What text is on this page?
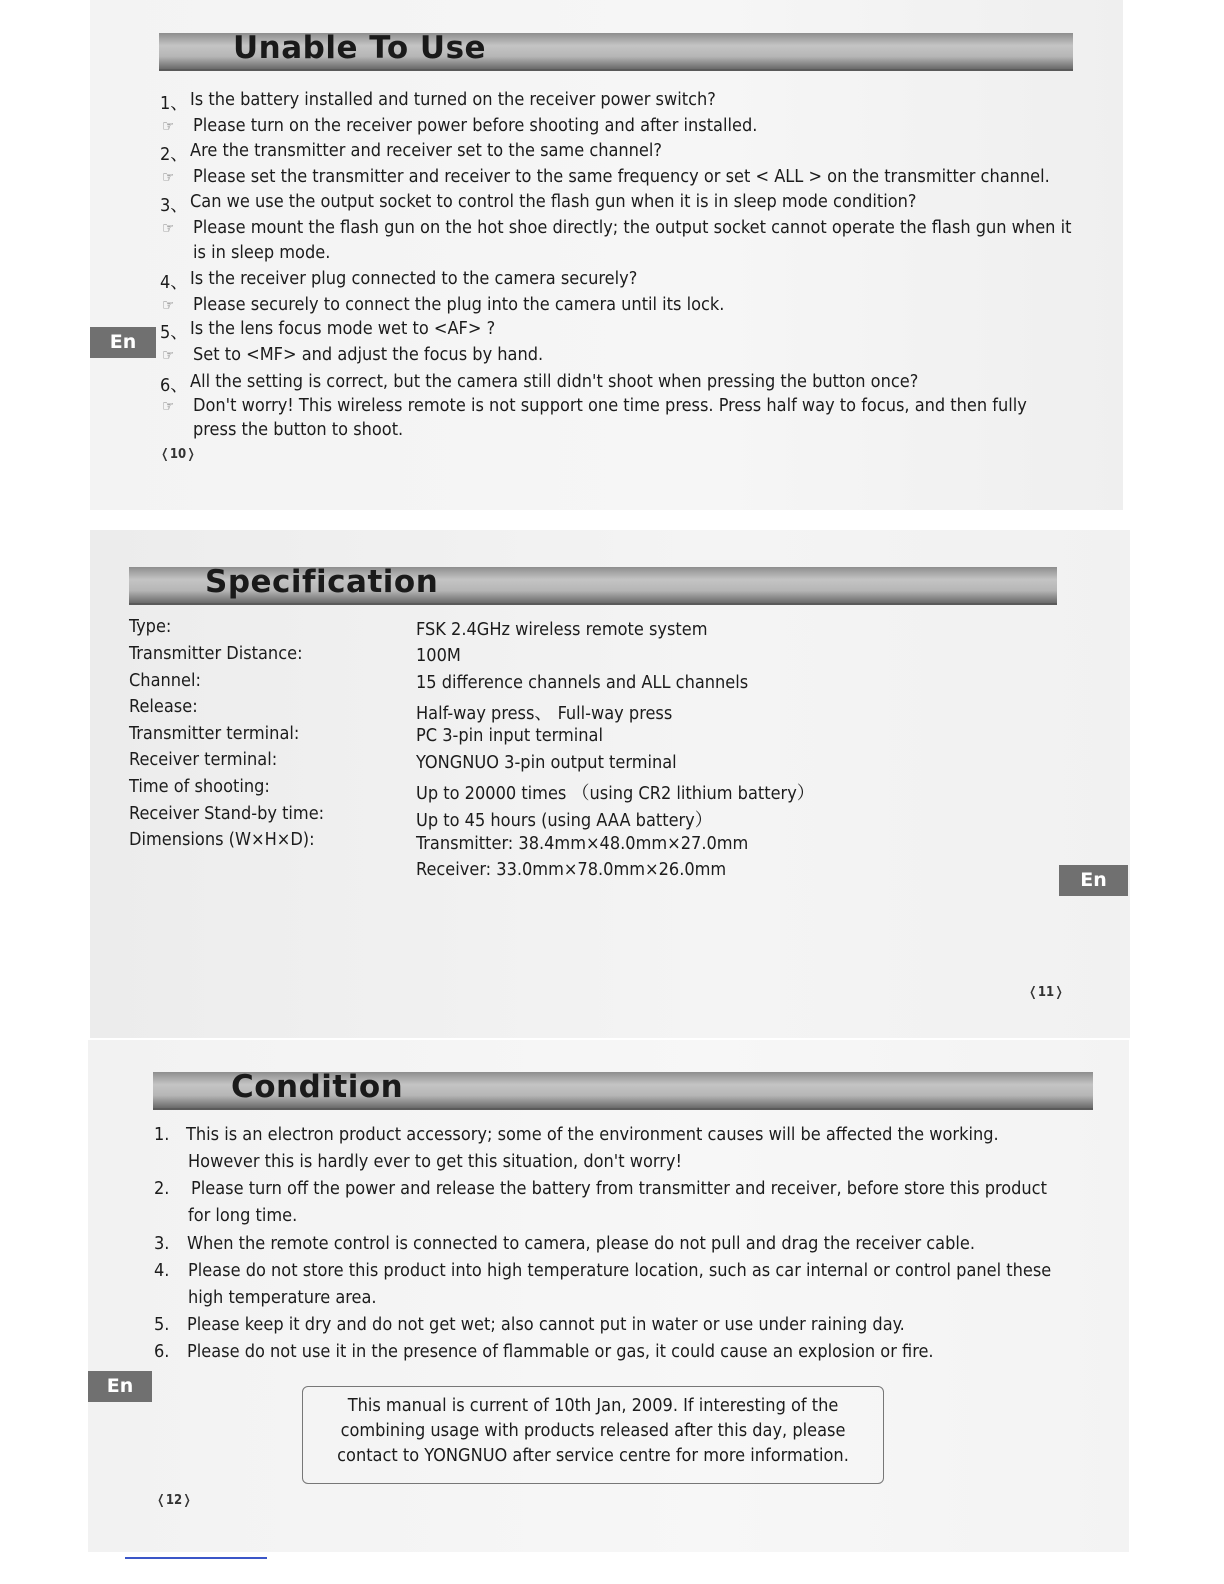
Unable To Use
1、 Is the battery installed and turned on the receiver power switch?
☞ Please turn on the receiver power before shooting and after installed.
2、 Are the transmitter and receiver set to the same channel?
☞ Please set the transmitter and receiver to the same frequency or set < ALL > on the transmitter channel.
3、 Can we use the output socket to control the flash gun when it is in sleep mode condition?
☞ Please mount the flash gun on the hot shoe directly; the output socket cannot operate the flash gun when it
is in sleep mode.
4、 Is the receiver plug connected to the camera securely?
☞ Please securely to connect the plug into the camera until its lock.
5、 Is the lens focus mode wet to <AF> ?
☞ Set to <MF> and adjust the focus by hand.
6、 All the setting is correct, but the camera still didn't shoot when pressing the button once?
☞ Don't worry! This wireless remote is not support one time press. Press half way to focus, and then fully
press the button to shoot.
❬10❭
En
Specification
Type:	FSK 2.4GHz wireless remote system
Transmitter Distance:	100M
Channel:	15 difference channels and ALL channels
Release:	Half-way press、 Full-way press
Transmitter terminal:	PC 3-pin input terminal
Receiver terminal:	YONGNUO 3-pin output terminal
Time of shooting:	Up to 20000 times （using CR2 lithium battery）
Receiver Stand-by time:	Up to 45 hours (using AAA battery）
Dimensions (W×H×D):	Transmitter: 38.4mm×48.0mm×27.0mm
Receiver: 33.0mm×78.0mm×26.0mm
❬11❭
En
Condition
1. This is an electron product accessory; some of the environment causes will be affected the working.
However this is hardly ever to get this situation, don't worry!
2. Please turn off the power and release the battery from transmitter and receiver, before store this product
for long time.
3. When the remote control is connected to camera, please do not pull and drag the receiver cable.
4. Please do not store this product into high temperature location, such as car internal or control panel these
high temperature area.
5. Please keep it dry and do not get wet; also cannot put in water or use under raining day.
6. Please do not use it in the presence of flammable or gas, it could cause an explosion or fire.
This manual is current of 10th Jan, 2009. If interesting of the
combining usage with products released after this day, please
contact to YONGNUO after service centre for more information.
❬12❭
En
